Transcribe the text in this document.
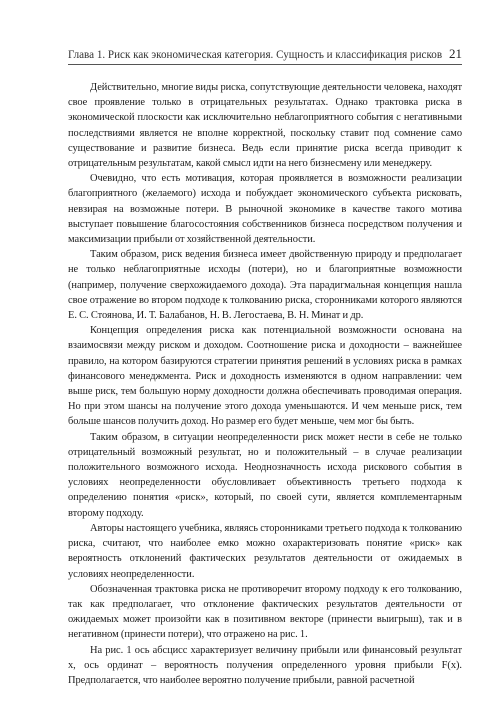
Глава 1. Риск как экономическая категория. Сущность и классификация рисков 21

Действительно, многие виды риска, сопутствующие деятельности человека, находят свое проявление только в отрицательных результатах. Однако трактовка риска в экономической плоскости как исключительно неблагоприятного события с негативными последствиями является не вполне корректной, поскольку ставит под сомнение само существование и развитие бизнеса. Ведь если принятие риска всегда приводит к отрицательным результатам, какой смысл идти на него бизнесмену или менеджеру.

Очевидно, что есть мотивация, которая проявляется в возможности реализации благоприятного (желаемого) исхода и побуждает экономического субъекта рисковать, невзирая на возможные потери. В рыночной экономике в качестве такого мотива выступает повышение благосостояния собственников бизнеса посредством получения и максимизации прибыли от хозяйственной деятельности.

Таким образом, риск ведения бизнеса имеет двойственную природу и предполагает не только неблагоприятные исходы (потери), но и благоприятные возможности (например, получение сверхожидаемого дохода). Эта парадигмальная концепция нашла свое отражение во втором подходе к толкованию риска, сторонниками которого являются Е. С. Стоянова, И. Т. Балабанов, Н. В. Легостаева, В. Н. Минат и др.

Концепция определения риска как потенциальной возможности основана на взаимосвязи между риском и доходом. Соотношение риска и доходности – важнейшее правило, на котором базируются стратегии принятия решений в условиях риска в рамках финансового менеджмента. Риск и доходность изменяются в одном направлении: чем выше риск, тем большую норму доходности должна обеспечивать проводимая операция. Но при этом шансы на получение этого дохода уменьшаются. И чем меньше риск, тем больше шансов получить доход. Но размер его будет меньше, чем мог бы быть.

Таким образом, в ситуации неопределенности риск может нести в себе не только отрицательный возможный результат, но и положительный – в случае реализации положительного возможного исхода. Неоднозначность исхода рискового события в условиях неопределенности обусловливает объективность третьего подхода к определению понятия «риск», который, по своей сути, является комплементарным второму подходу.

Авторы настоящего учебника, являясь сторонниками третьего подхода к толкованию риска, считают, что наиболее емко можно охарактеризовать понятие «риск» как вероятность отклонений фактических результатов деятельности от ожидаемых в условиях неопределенности.

Обозначенная трактовка риска не противоречит второму подходу к его толкованию, так как предполагает, что отклонение фактических результатов деятельности от ожидаемых может произойти как в позитивном векторе (принести выигрыш), так и в негативном (принести потери), что отражено на рис. 1.

На рис. 1 ось абсцисс характеризует величину прибыли или финансовый результат x, ось ординат – вероятность получения определенного уровня прибыли F(x). Предполагается, что наиболее вероятно получение прибыли, равной расчетной
